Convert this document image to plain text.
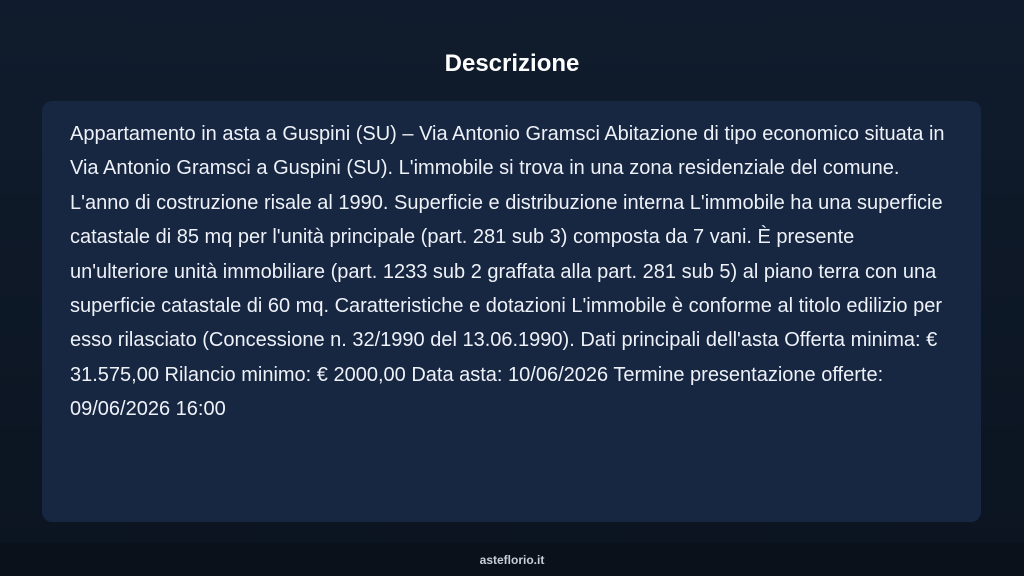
Descrizione

Appartamento in asta a Guspini (SU) – Via Antonio Gramsci Abitazione di tipo economico situata in Via Antonio Gramsci a Guspini (SU). L'immobile si trova in una zona residenziale del comune. L'anno di costruzione risale al 1990. Superficie e distribuzione interna L'immobile ha una superficie catastale di 85 mq per l'unità principale (part. 281 sub 3) composta da 7 vani. È presente un'ulteriore unità immobiliare (part. 1233 sub 2 graffata alla part. 281 sub 5) al piano terra con una superficie catastale di 60 mq. Caratteristiche e dotazioni L'immobile è conforme al titolo edilizio per esso rilasciato (Concessione n. 32/1990 del 13.06.1990). Dati principali dell'asta Offerta minima: € 31.575,00 Rilancio minimo: € 2000,00 Data asta: 10/06/2026 Termine presentazione offerte: 09/06/2026 16:00

asteflorio.it
